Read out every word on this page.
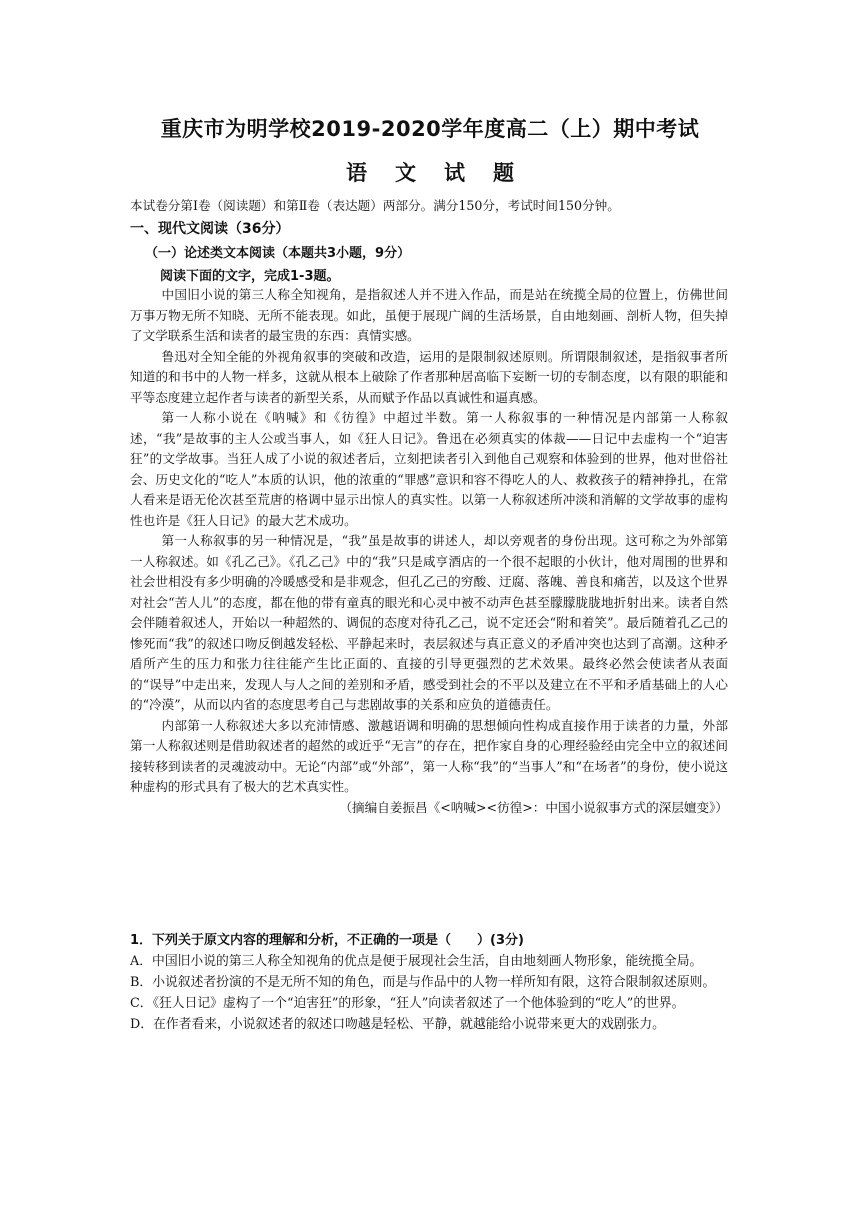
重庆市为明学校2019-2020学年度高二（上）期中考试
语文试题
本试卷分第Ⅰ卷（阅读题）和第Ⅱ卷（表达题）两部分。满分150分，考试时间150分钟。
一、现代文阅读（36分）
（一）论述类文本阅读（本题共3小题，9分）
阅读下面的文字，完成1-3题。

中国旧小说的第三人称全知视角，是指叙述人并不进入作品，而是站在统揽全局的位置上，仿佛世间万事万物无所不知晓、无所不能表现。如此，虽便于展现广阔的生活场景，自由地刻画、剖析人物，但失掉了文学联系生活和读者的最宝贵的东西：真情实感。

鲁迅对全知全能的外视角叙事的突破和改造，运用的是限制叙述原则。所谓限制叙述，是指叙事者所知道的和书中的人物一样多，这就从根本上破除了作者那种居高临下妄断一切的专制态度，以有限的职能和平等态度建立起作者与读者的新型关系，从而赋予作品以真诚性和逼真感。

第一人称小说在《呐喊》和《彷徨》中超过半数。第一人称叙事的一种情况是内部第一人称叙述，“我”是故事的主人公或当事人，如《狂人日记》。鲁迅在必须真实的体裁——日记中去虚构一个“迫害狂”的文学故事。当狂人成了小说的叙述者后，立刻把读者引入到他自己观察和体验到的世界，他对世俗社会、历史文化的“吃人”本质的认识，他的浓重的“罪感”意识和容不得吃人的人、救救孩子的精神挣扎，在常人看来是语无伦次甚至荒唐的格调中显示出惊人的真实性。以第一人称叙述所冲淡和消解的文学故事的虚构性也许是《狂人日记》的最大艺术成功。

第一人称叙事的另一种情况是，“我”虽是故事的讲述人，却以旁观者的身份出现。这可称之为外部第一人称叙述。如《孔乙己》。《孔乙己》中的“我”只是咸亨酒店的一个很不起眼的小伙计，他对周围的世界和社会世相没有多少明确的冷暖感受和是非观念，但孔乙己的穷酸、迂腐、落魄、善良和痛苦，以及这个世界对社会“苦人儿”的态度，都在他的带有童真的眼光和心灵中被不动声色甚至朦朦胧胧地折射出来。读者自然会伴随着叙述人，开始以一种超然的、调侃的态度对待孔乙己，说不定还会“附和着笑”。最后随着孔乙己的惨死而“我”的叙述口吻反倒越发轻松、平静起来时，表层叙述与真正意义的矛盾冲突也达到了高潮。这种矛盾所产生的压力和张力往往能产生比正面的、直接的引导更强烈的艺术效果。最终必然会使读者从表面的“误导”中走出来，发现人与人之间的差别和矛盾，感受到社会的不平以及建立在不平和矛盾基础上的人心的“冷漠”，从而以内省的态度思考自己与悲剧故事的关系和应负的道德责任。

内部第一人称叙述大多以充沛情感、激越语调和明确的思想倾向性构成直接作用于读者的力量，外部第一人称叙述则是借助叙述者的超然的或近乎“无言”的存在，把作家自身的心理经验经由完全中立的叙述间接转移到读者的灵魂波动中。无论“内部”或“外部”，第一人称“我”的“当事人”和“在场者”的身份，使小说这种虚构的形式具有了极大的艺术真实性。

（摘编自姜振昌《<呐喊><彷徨>：中国小说叙事方式的深层嬗变》）

1．下列关于原文内容的理解和分析，不正确的一项是（　　）(3分)

A．中国旧小说的第三人称全知视角的优点是便于展现社会生活，自由地刻画人物形象，能统揽全局。

B．小说叙述者扮演的不是无所不知的角色，而是与作品中的人物一样所知有限，这符合限制叙述原则。

C．《狂人日记》虚构了一个“迫害狂”的形象，“狂人”向读者叙述了一个他体验到的“吃人”的世界。

D．在作者看来，小说叙述者的叙述口吻越是轻松、平静，就越能给小说带来更大的戏剧张力。
